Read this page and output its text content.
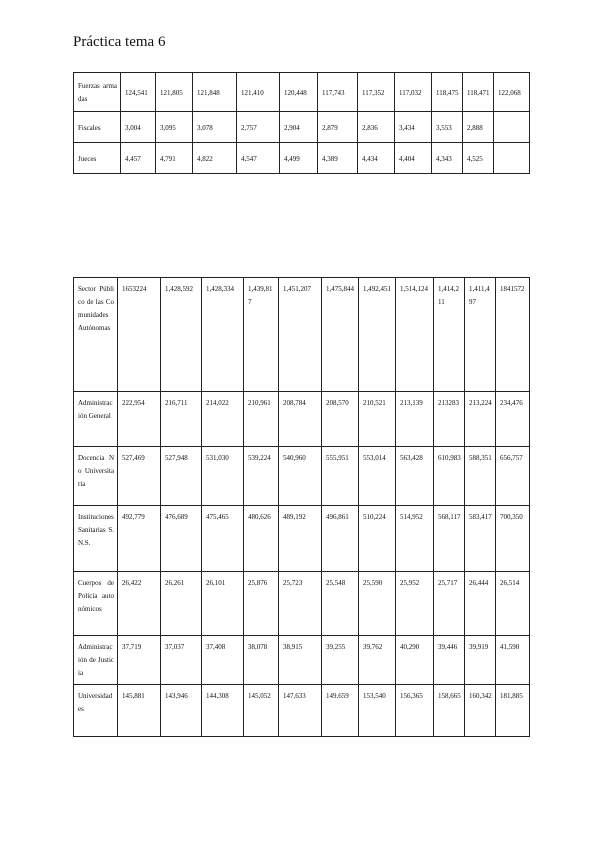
Práctica tema 6
Fuerzas armadas	124,541	121,805	121,848	121,410	120,448	117,743	117,352	117,032	118,475	118,471	122,068
Fiscales	3,004	3,095	3,078	2,757	2,904	2,879	2,836	3,434	3,553	2,888	
Jueces	4,457	4,791	4,822	4,547	4,499	4,389	4,434	4,404	4,343	4,525	
Sector Público de las Comunidades Autónomas	1653224	1,428,592	1,428,334	1,439,817	1,451,207	1,475,844	1,492,451	1,514,124	1,414,211	1,411,497	1841572
Administración General	222,954	216,711	214,022	210,961	208,784	208,570	210,521	213,139	213283	213,224	234,476
Docencia No Universitaria	527,469	527,948	531,030	539,224	540,960	555,951	553,014	563,428	610,983	588,351	656,757
Instituciones Sanitarias S.N.S.	492,779	476,689	475,465	480,626	489,192	496,861	510,224	514,952	568,117	583,417	700,350
Cuerpos de Policía autonómicos	26,422	26,261	26,101	25,876	25,723	25,548	25,590	25,952	25,717	26,444	26,514
Administración de Justicia	37,719	37,037	37,408	38,078	38,915	39,255	39,762	40,290	39,446	39,919	41,590
Universidades	145,881	143,946	144,308	145,052	147,633	149,659	153,540	156,365	158,665	160,342	181,885
